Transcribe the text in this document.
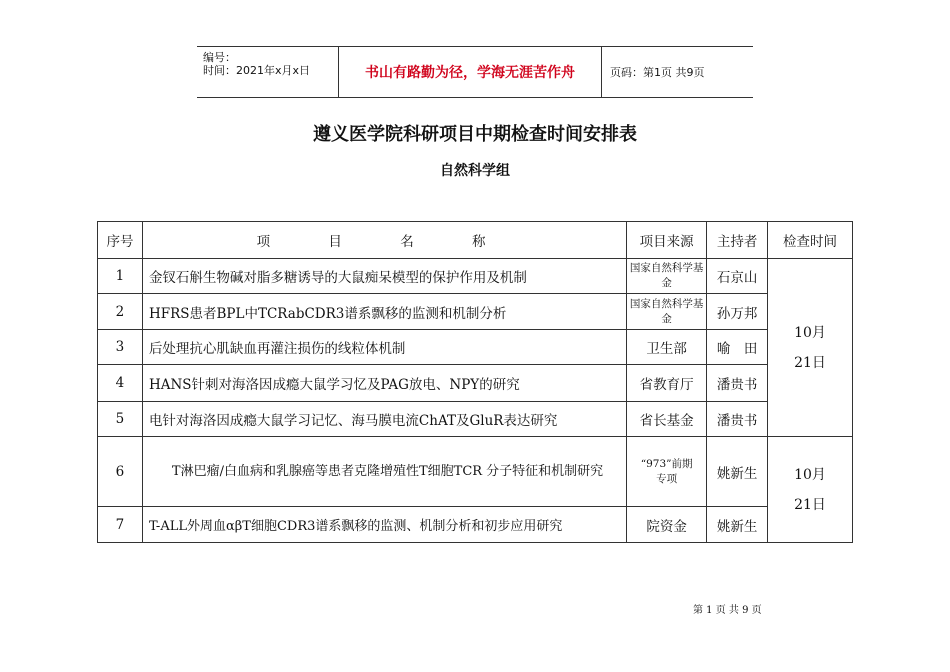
编号：
时间：2021年x月x日	书山有路勤为径，学海无涯苦作舟	页码：第1页 共9页
遵义医学院科研项目中期检查时间安排表
自然科学组
序号	项 目 名 称	项目来源	主持者	检查时间
1	金钗石斛生物碱对脂多糖诱导的大鼠痴呆模型的保护作用及机制	国家自然科学基金	石京山	10月21日

2	HFRS患者BPL中TCRabCDR3谱系飘移的监测和机制分析	国家自然科学基金	孙万邦	
3	后处理抗心肌缺血再灌注损伤的线粒体机制	卫生部	喻　田	
4	HANS针刺对海洛因成瘾大鼠学习忆及PAG放电、NPY的研究	省教育厅	潘贵书	
5	电针对海洛因成瘾大鼠学习记忆、海马膜电流ChAT及GluR表达研究	省长基金	潘贵书	
6	T淋巴瘤/白血病和乳腺癌等患者克隆增殖性T细胞TCR 分子特征和机制研究	“973”前期专项	姚新生	10月21日

7	T-ALL外周血αβT细胞CDR3谱系飘移的监测、机制分析和初步应用研究	院资金	姚新生	
第 1 页 共 9 页
